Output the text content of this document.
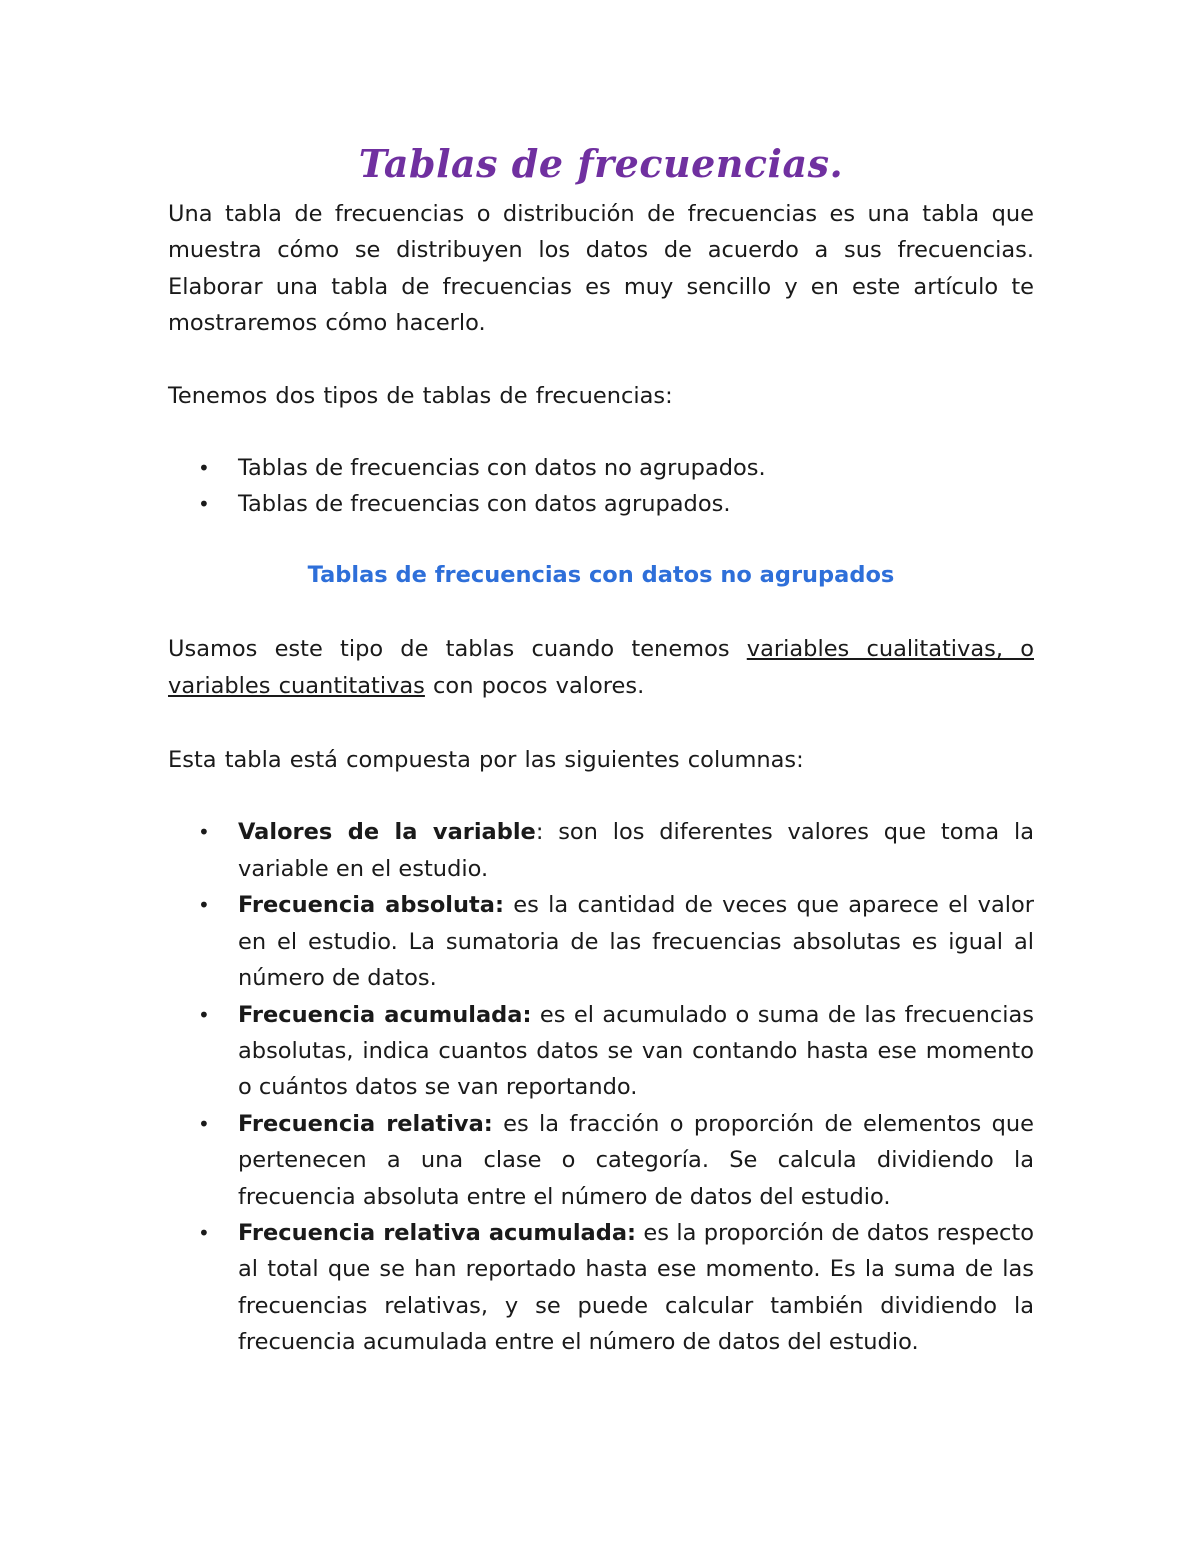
Tablas de frecuencias.

Una tabla de frecuencias o distribución de frecuencias es una tabla que muestra cómo se distribuyen los datos de acuerdo a sus frecuencias. Elaborar una tabla de frecuencias es muy sencillo y en este artículo te mostraremos cómo hacerlo.

Tenemos dos tipos de tablas de frecuencias:

• Tablas de frecuencias con datos no agrupados.
• Tablas de frecuencias con datos agrupados.
Tablas de frecuencias con datos no agrupados

Usamos este tipo de tablas cuando tenemos variables cualitativas, o variables cuantitativas con pocos valores.

Esta tabla está compuesta por las siguientes columnas:

• Valores de la variable: son los diferentes valores que toma la variable en el estudio.
• Frecuencia absoluta: es la cantidad de veces que aparece el valor en el estudio. La sumatoria de las frecuencias absolutas es igual al número de datos.
• Frecuencia acumulada: es el acumulado o suma de las frecuencias absolutas, indica cuantos datos se van contando hasta ese momento o cuántos datos se van reportando.
• Frecuencia relativa: es la fracción o proporción de elementos que pertenecen a una clase o categoría. Se calcula dividiendo la frecuencia absoluta entre el número de datos del estudio.
• Frecuencia relativa acumulada: es la proporción de datos respecto al total que se han reportado hasta ese momento. Es la suma de las frecuencias relativas, y se puede calcular también dividiendo la frecuencia acumulada entre el número de datos del estudio.
